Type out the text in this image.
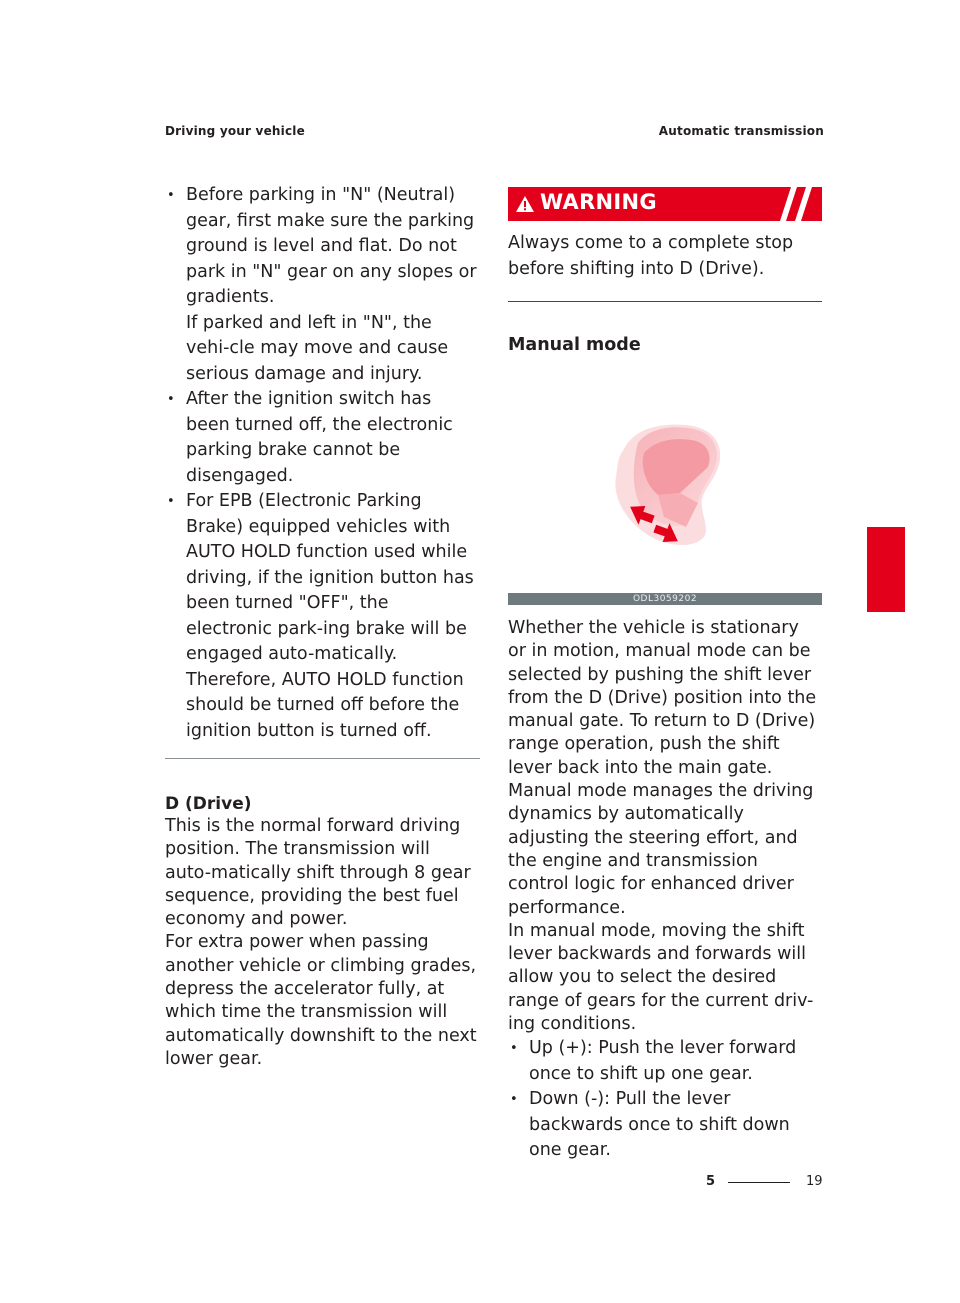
Driving your vehicle	Automatic transmission
• Before parking in "N" (Neutral) gear, first make sure the parking ground is level and flat. Do not park in "N" gear on any slopes or gradients.
If parked and left in "N", the vehi-cle may move and cause serious damage and injury.
• After the ignition switch has been turned off, the electronic parking brake cannot be disengaged.
• For EPB (Electronic Parking Brake) equipped vehicles with AUTO HOLD function used while driving, if the ignition button has been turned "OFF", the electronic park-ing brake will be engaged auto-matically. Therefore, AUTO HOLD function should be turned off before the ignition button is turned off.
D (Drive)

This is the normal forward driving position. The transmission will auto-matically shift through 8 gear sequence, providing the best fuel economy and power.

For extra power when passing another vehicle or climbing grades, depress the accelerator fully, at which time the transmission will automatically downshift to the next lower gear.

WARNING
Always come to a complete stop before shifting into D (Drive).
Manual mode
ODL3059202

Whether the vehicle is stationary or in motion, manual mode can be selected by pushing the shift lever from the D (Drive) position into the manual gate. To return to D (Drive) range operation, push the shift lever back into the main gate.

Manual mode manages the driving dynamics by automatically adjusting the steering effort, and the engine and transmission control logic for enhanced driver performance.

In manual mode, moving the shift lever backwards and forwards will allow you to select the desired range of gears for the current driv-ing conditions.

• Up (+): Push the lever forward once to shift up one gear.
• Down (-): Pull the lever backwards once to shift down one gear.
5
5	19
